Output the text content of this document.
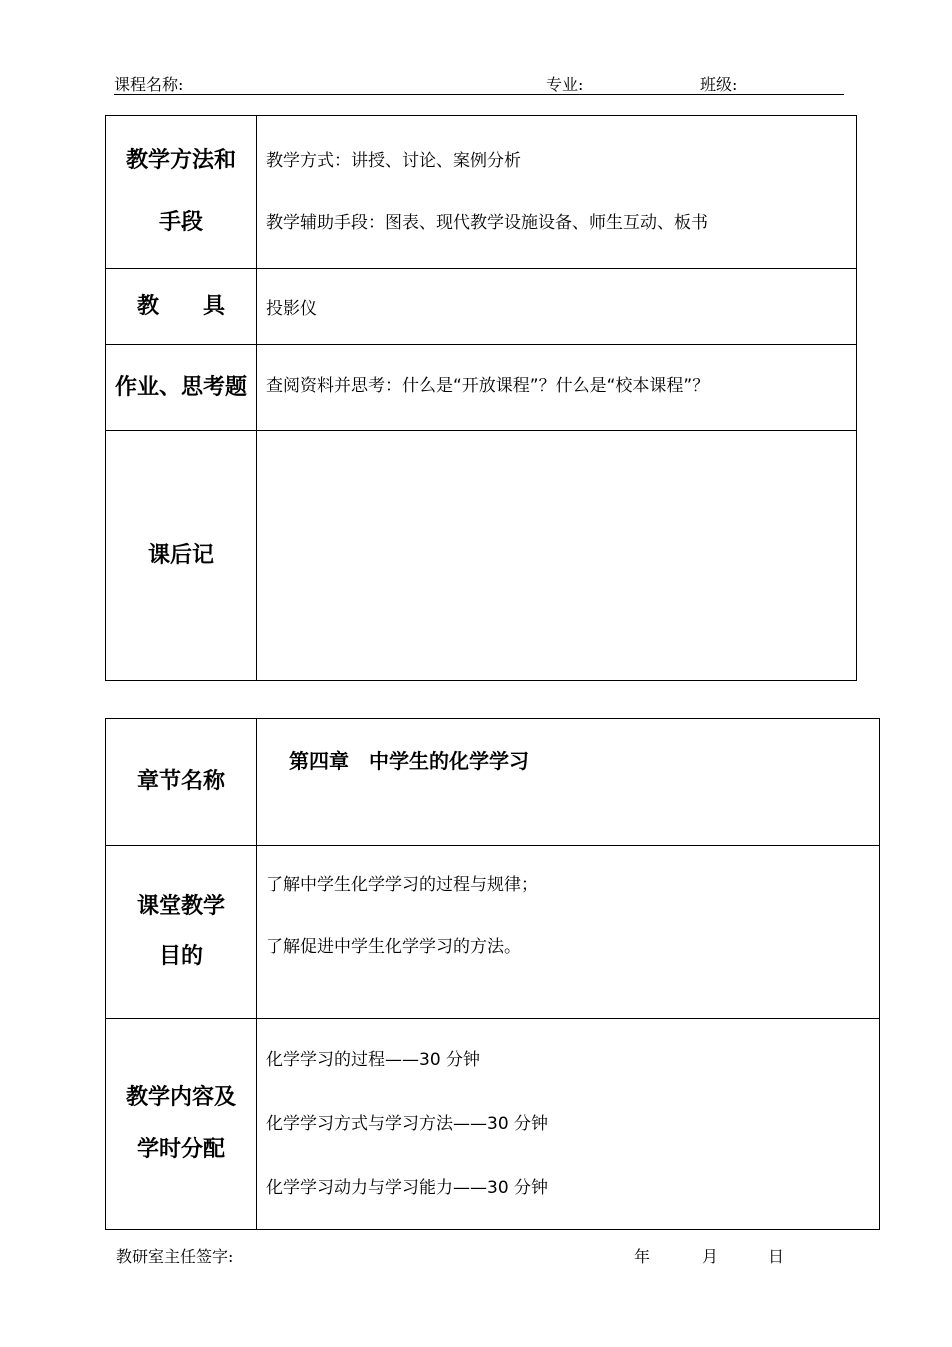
课程名称:	专业:	班级:
教学方法和
手段	教学方式：讲授、讨论、案例分析
教学辅助手段：图表、现代教学设施设备、师生互动、板书

教　　具	投影仪
作业、思考题	查阅资料并思考：什么是“开放课程”？什么是“校本课程”？
课后记	
章节名称	第四章　中学生的化学学习

课堂教学
目的	了解中学生化学学习的过程与规律；
了解促进中学生化学学习的方法。

教学内容及
学时分配	化学学习的过程——30 分钟
化学学习方式与学习方法——30 分钟
化学学习动力与学习能力——30 分钟
教研室主任签字:	年	月	日
